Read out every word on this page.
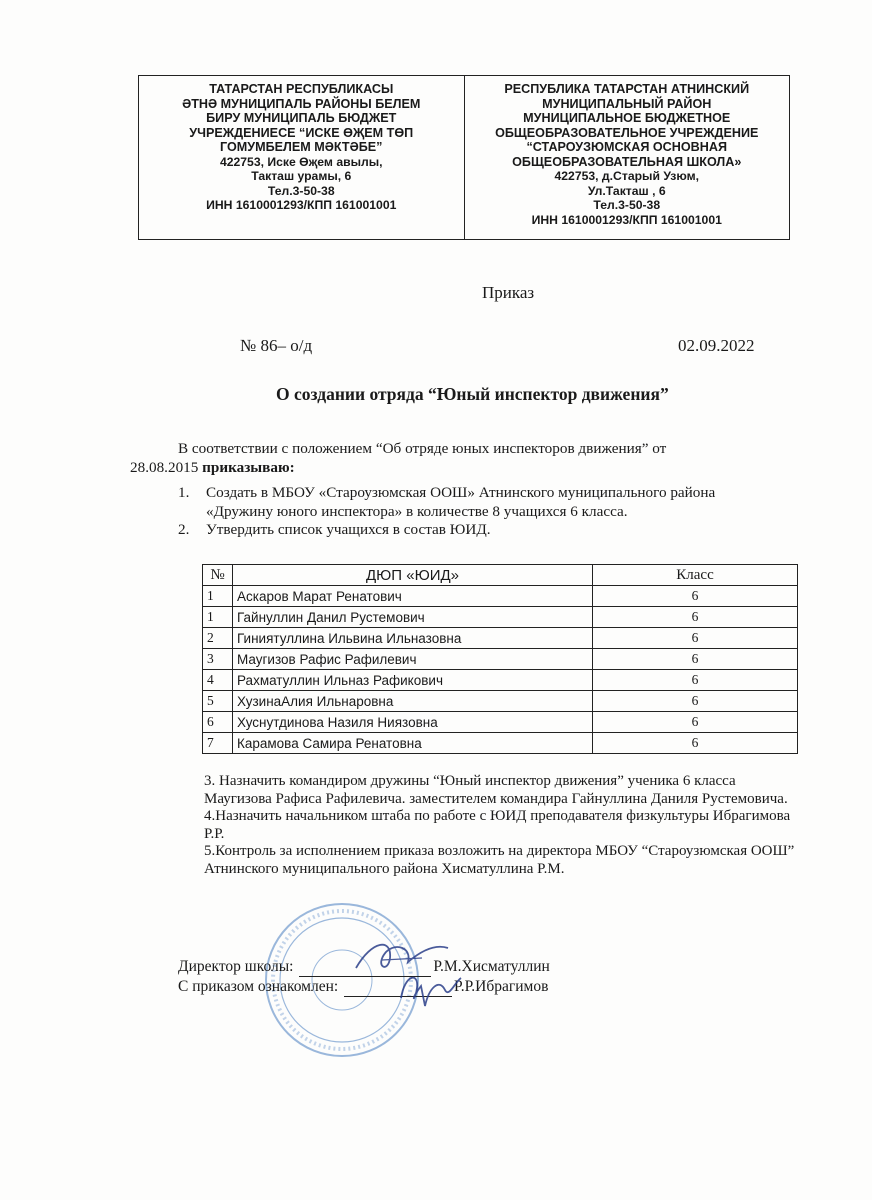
ТАТАРСТАН РЕСПУБЛИКАСЫ
ӘТНӘ МУНИЦИПАЛЬ РАЙОНЫ БЕЛЕМ
БИРУ МУНИЦИПАЛЬ БЮДЖЕТ
УЧРЕЖДЕНИЕСЕ “ИСКЕ ӨҖЕМ ТӨП
ГОМУМБЕЛЕМ МӘКТӘБЕ”
422753, Иске Өҗем авылы,
Такташ урамы, 6
Тел.3-50-38
ИНН 1610001293/КПП 161001001
РЕСПУБЛИКА ТАТАРСТАН АТНИНСКИЙ
МУНИЦИПАЛЬНЫЙ РАЙОН
МУНИЦИПАЛЬНОЕ БЮДЖЕТНОЕ
ОБЩЕОБРАЗОВАТЕЛЬНОЕ УЧРЕЖДЕНИЕ
“СТАРОУЗЮМСКАЯ ОСНОВНАЯ
ОБЩЕОБРАЗОВАТЕЛЬНАЯ ШКОЛА»
422753, д.Старый Узюм,
Ул.Такташ , 6
Тел.3-50-38
ИНН 1610001293/КПП 161001001
Приказ
№ 86– о/д	02.09.2022
О создании отряда “Юный инспектор движения”
В соответствии с положением “Об отряде юных инспекторов движения” от
28.08.2015 приказываю:
1. Создать в МБОУ «Староузюмская ООШ» Атнинского муниципального района «Дружину юного инспектора» в количестве 8 учащихся 6 класса.
2. Утвердить список учащихся в состав ЮИД.
№	ДЮП «ЮИД»	Класс
1	Аскаров Марат Ренатович	6
1	Гайнуллин Данил Рустемович	6
2	Гиниятуллина Ильвина Ильназовна	6
3	Маугизов Рафис Рафилевич	6
4	Рахматуллин Ильназ Рафикович	6
5	ХузинаАлия Ильнаровна	6
6	Хуснутдинова Назиля Ниязовна	6
7	Карамова Самира Ренатовна	6

3. Назначить командиром дружины “Юный инспектор движения” ученика 6 класса Маугизова Рафиса Рафилевича. заместителем командира Гайнуллина Даниля Рустемовича.

4.Назначить начальником штаба по работе с ЮИД преподавателя физкультуры Ибрагимова Р.Р.

5.Контроль за исполнением приказа возложить на директора МБОУ “Староузюмская ООШ” Атнинского муниципального района Хисматуллина Р.М.

Директор школы:	Р.М.Хисматуллин
С приказом ознакомлен:	Р.Р.Ибрагимов
